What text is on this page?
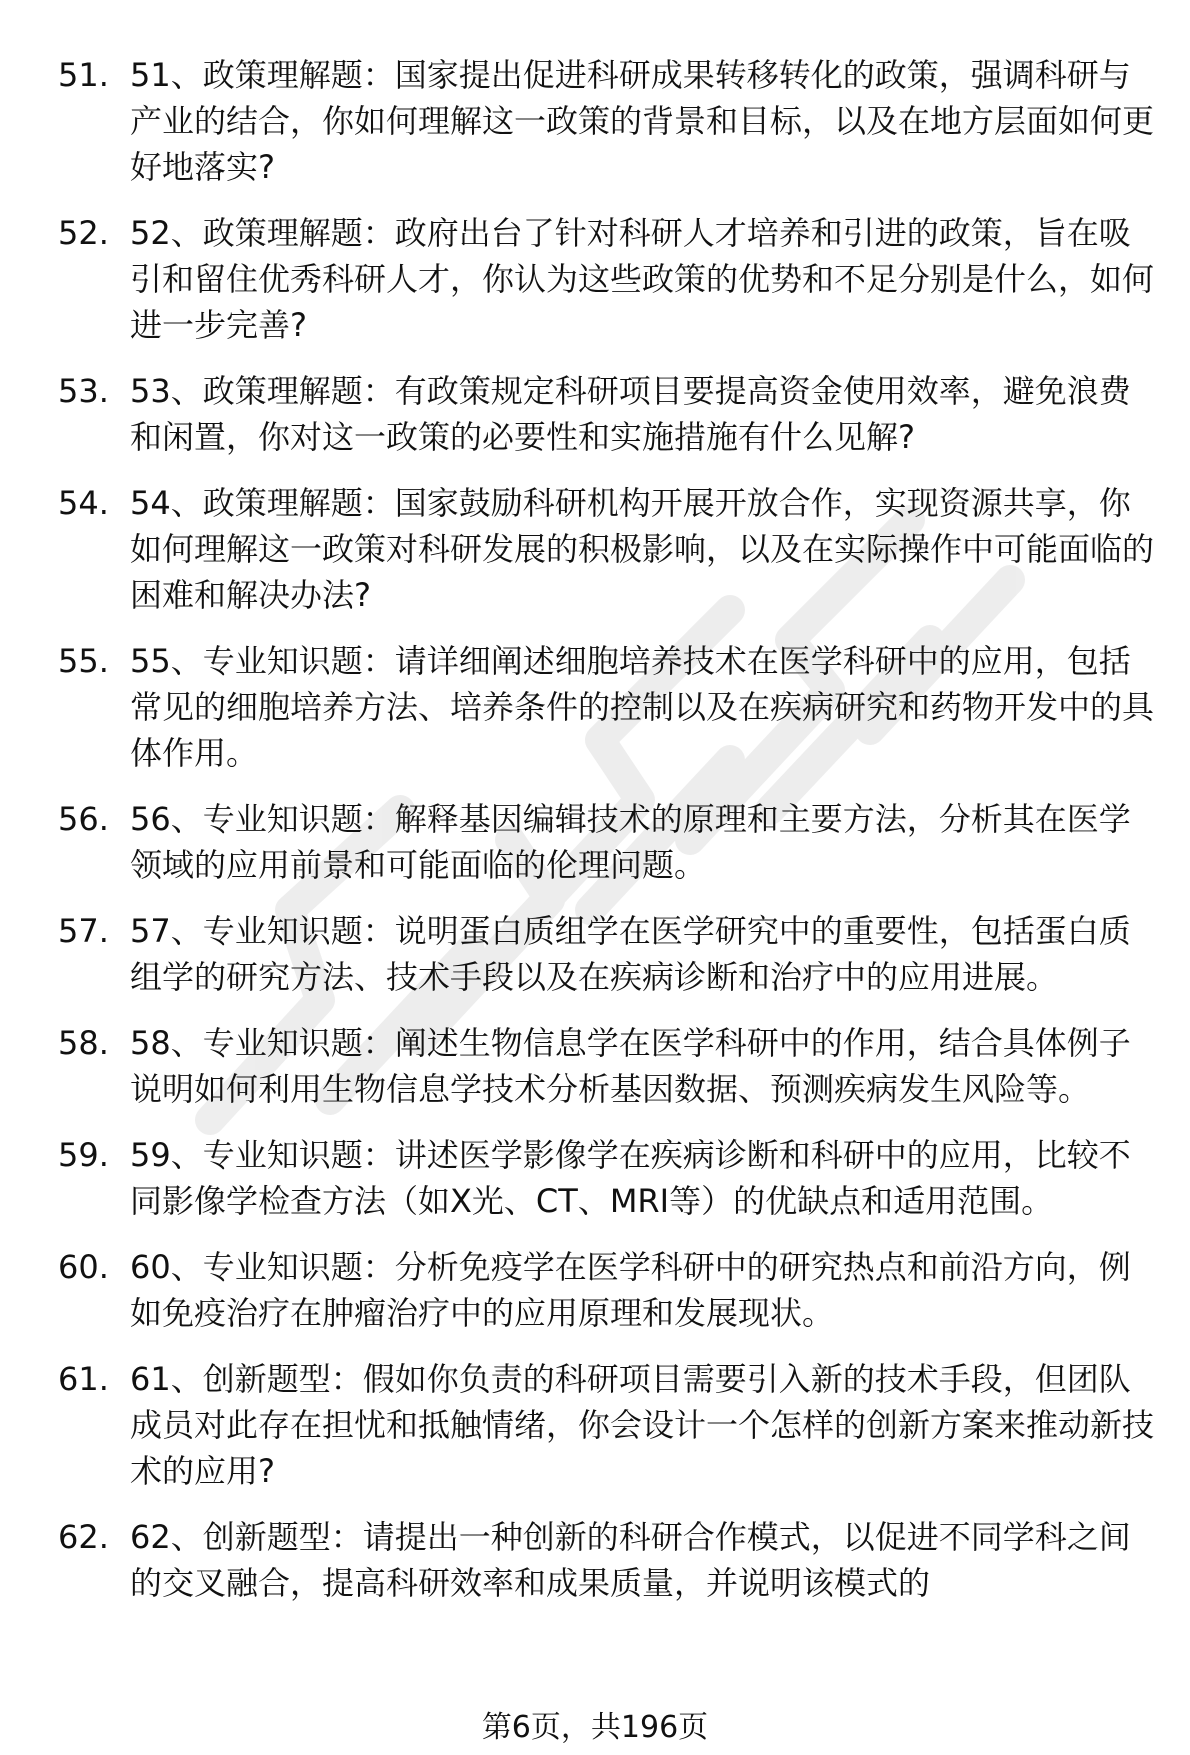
51. 51、政策理解题：国家提出促进科研成果转移转化的政策，强调科研与产业的结合，你如何理解这一政策的背景和目标，以及在地方层面如何更好地落实?
52. 52、政策理解题：政府出台了针对科研人才培养和引进的政策，旨在吸引和留住优秀科研人才，你认为这些政策的优势和不足分别是什么，如何进一步完善?
53. 53、政策理解题：有政策规定科研项目要提高资金使用效率，避免浪费和闲置，你对这一政策的必要性和实施措施有什么见解?
54. 54、政策理解题：国家鼓励科研机构开展开放合作，实现资源共享，你如何理解这一政策对科研发展的积极影响，以及在实际操作中可能面临的困难和解决办法?
55. 55、专业知识题：请详细阐述细胞培养技术在医学科研中的应用，包括常见的细胞培养方法、培养条件的控制以及在疾病研究和药物开发中的具体作用。
56. 56、专业知识题：解释基因编辑技术的原理和主要方法，分析其在医学领域的应用前景和可能面临的伦理问题。
57. 57、专业知识题：说明蛋白质组学在医学研究中的重要性，包括蛋白质组学的研究方法、技术手段以及在疾病诊断和治疗中的应用进展。
58. 58、专业知识题：阐述生物信息学在医学科研中的作用，结合具体例子说明如何利用生物信息学技术分析基因数据、预测疾病发生风险等。
59. 59、专业知识题：讲述医学影像学在疾病诊断和科研中的应用，比较不同影像学检查方法（如X光、CT、MRI等）的优缺点和适用范围。
60. 60、专业知识题：分析免疫学在医学科研中的研究热点和前沿方向，例如免疫治疗在肿瘤治疗中的应用原理和发展现状。
61. 61、创新题型：假如你负责的科研项目需要引入新的技术手段，但团队成员对此存在担忧和抵触情绪，你会设计一个怎样的创新方案来推动新技术的应用?
62. 62、创新题型：请提出一种创新的科研合作模式，以促进不同学科之间的交叉融合，提高科研效率和成果质量，并说明该模式的
第6页，共196页
